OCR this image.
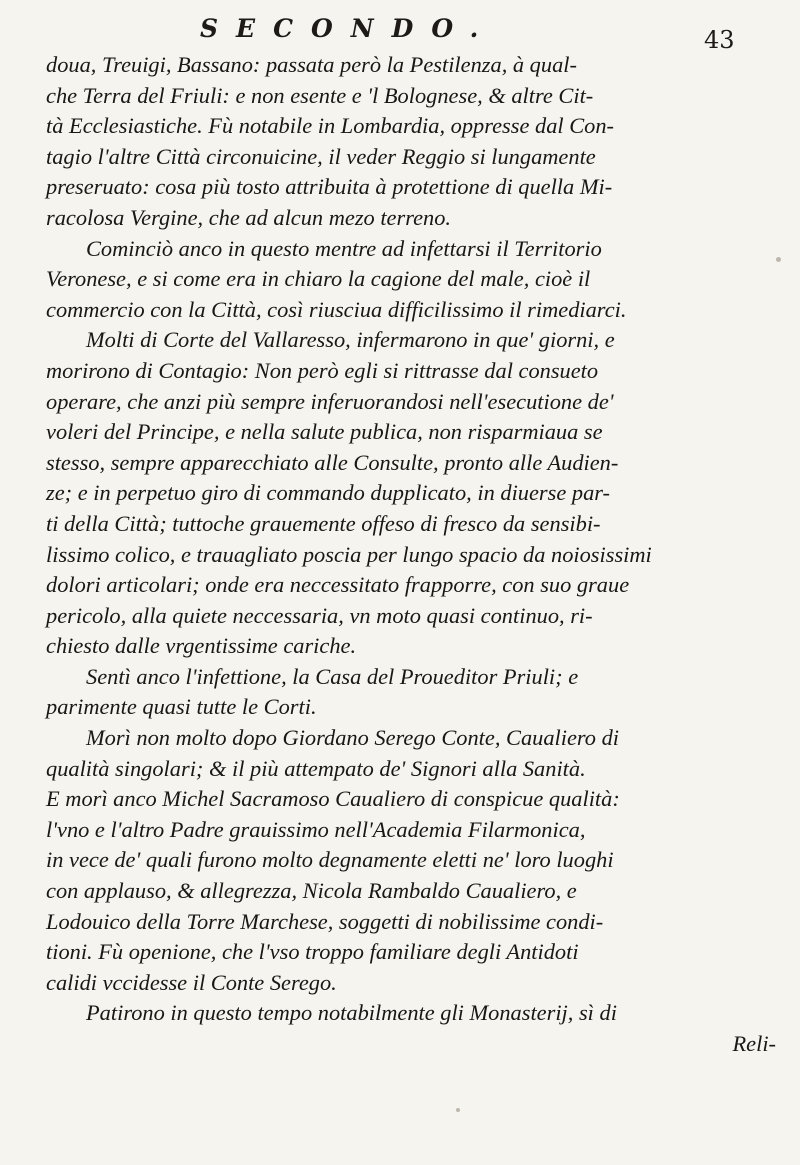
SECONDO.	43
doua, Treuigi, Bassano: passata però la Pestilenza, à qual-
che Terra del Friuli: e non esente e 'l Bolognese, & altre Cit-
tà Ecclesiastiche. Fù notabile in Lombardia, oppresse dal Con-
tagio l'altre Città circonuicine, il veder Reggio si lungamente
preseruato: cosa più tosto attribuita à protettione di quella Mi-
racolosa Vergine, che ad alcun mezo terreno.
Cominciò anco in questo mentre ad infettarsi il Territorio
Veronese, e si come era in chiaro la cagione del male, cioè il
commercio con la Città, così riusciua difficilissimo il rimediarci.
Molti di Corte del Vallaresso, infermarono in que' giorni, e
morirono di Contagio: Non però egli si rittrasse dal consueto
operare, che anzi più sempre inferuorandosi nell'esecutione de'
voleri del Principe, e nella salute publica, non risparmiaua se
stesso, sempre apparecchiato alle Consulte, pronto alle Audien-
ze; e in perpetuo giro di commando dupplicato, in diuerse par-
ti della Città; tuttoche grauemente offeso di fresco da sensibi-
lissimo colico, e trauagliato poscia per lungo spacio da noiosissimi
dolori articolari; onde era neccessitato frapporre, con suo graue
pericolo, alla quiete neccessaria, vn moto quasi continuo, ri-
chiesto dalle vrgentissime cariche.
Sentì anco l'infettione, la Casa del Proueditor Priuli; e
parimente quasi tutte le Corti.
Morì non molto dopo Giordano Serego Conte, Caualiero di
qualità singolari; & il più attempato de' Signori alla Sanità.
E morì anco Michel Sacramoso Caualiero di conspicue qualità:
l'vno e l'altro Padre grauissimo nell'Academia Filarmonica,
in vece de' quali furono molto degnamente eletti ne' loro luoghi
con applauso, & allegrezza, Nicola Rambaldo Caualiero, e
Lodouico della Torre Marchese, soggetti di nobilissime condi-
tioni. Fù openione, che l'vso troppo familiare degli Antidoti
calidi vccidesse il Conte Serego.
Patirono in questo tempo notabilmente gli Monasterij, sì di
Reli-
